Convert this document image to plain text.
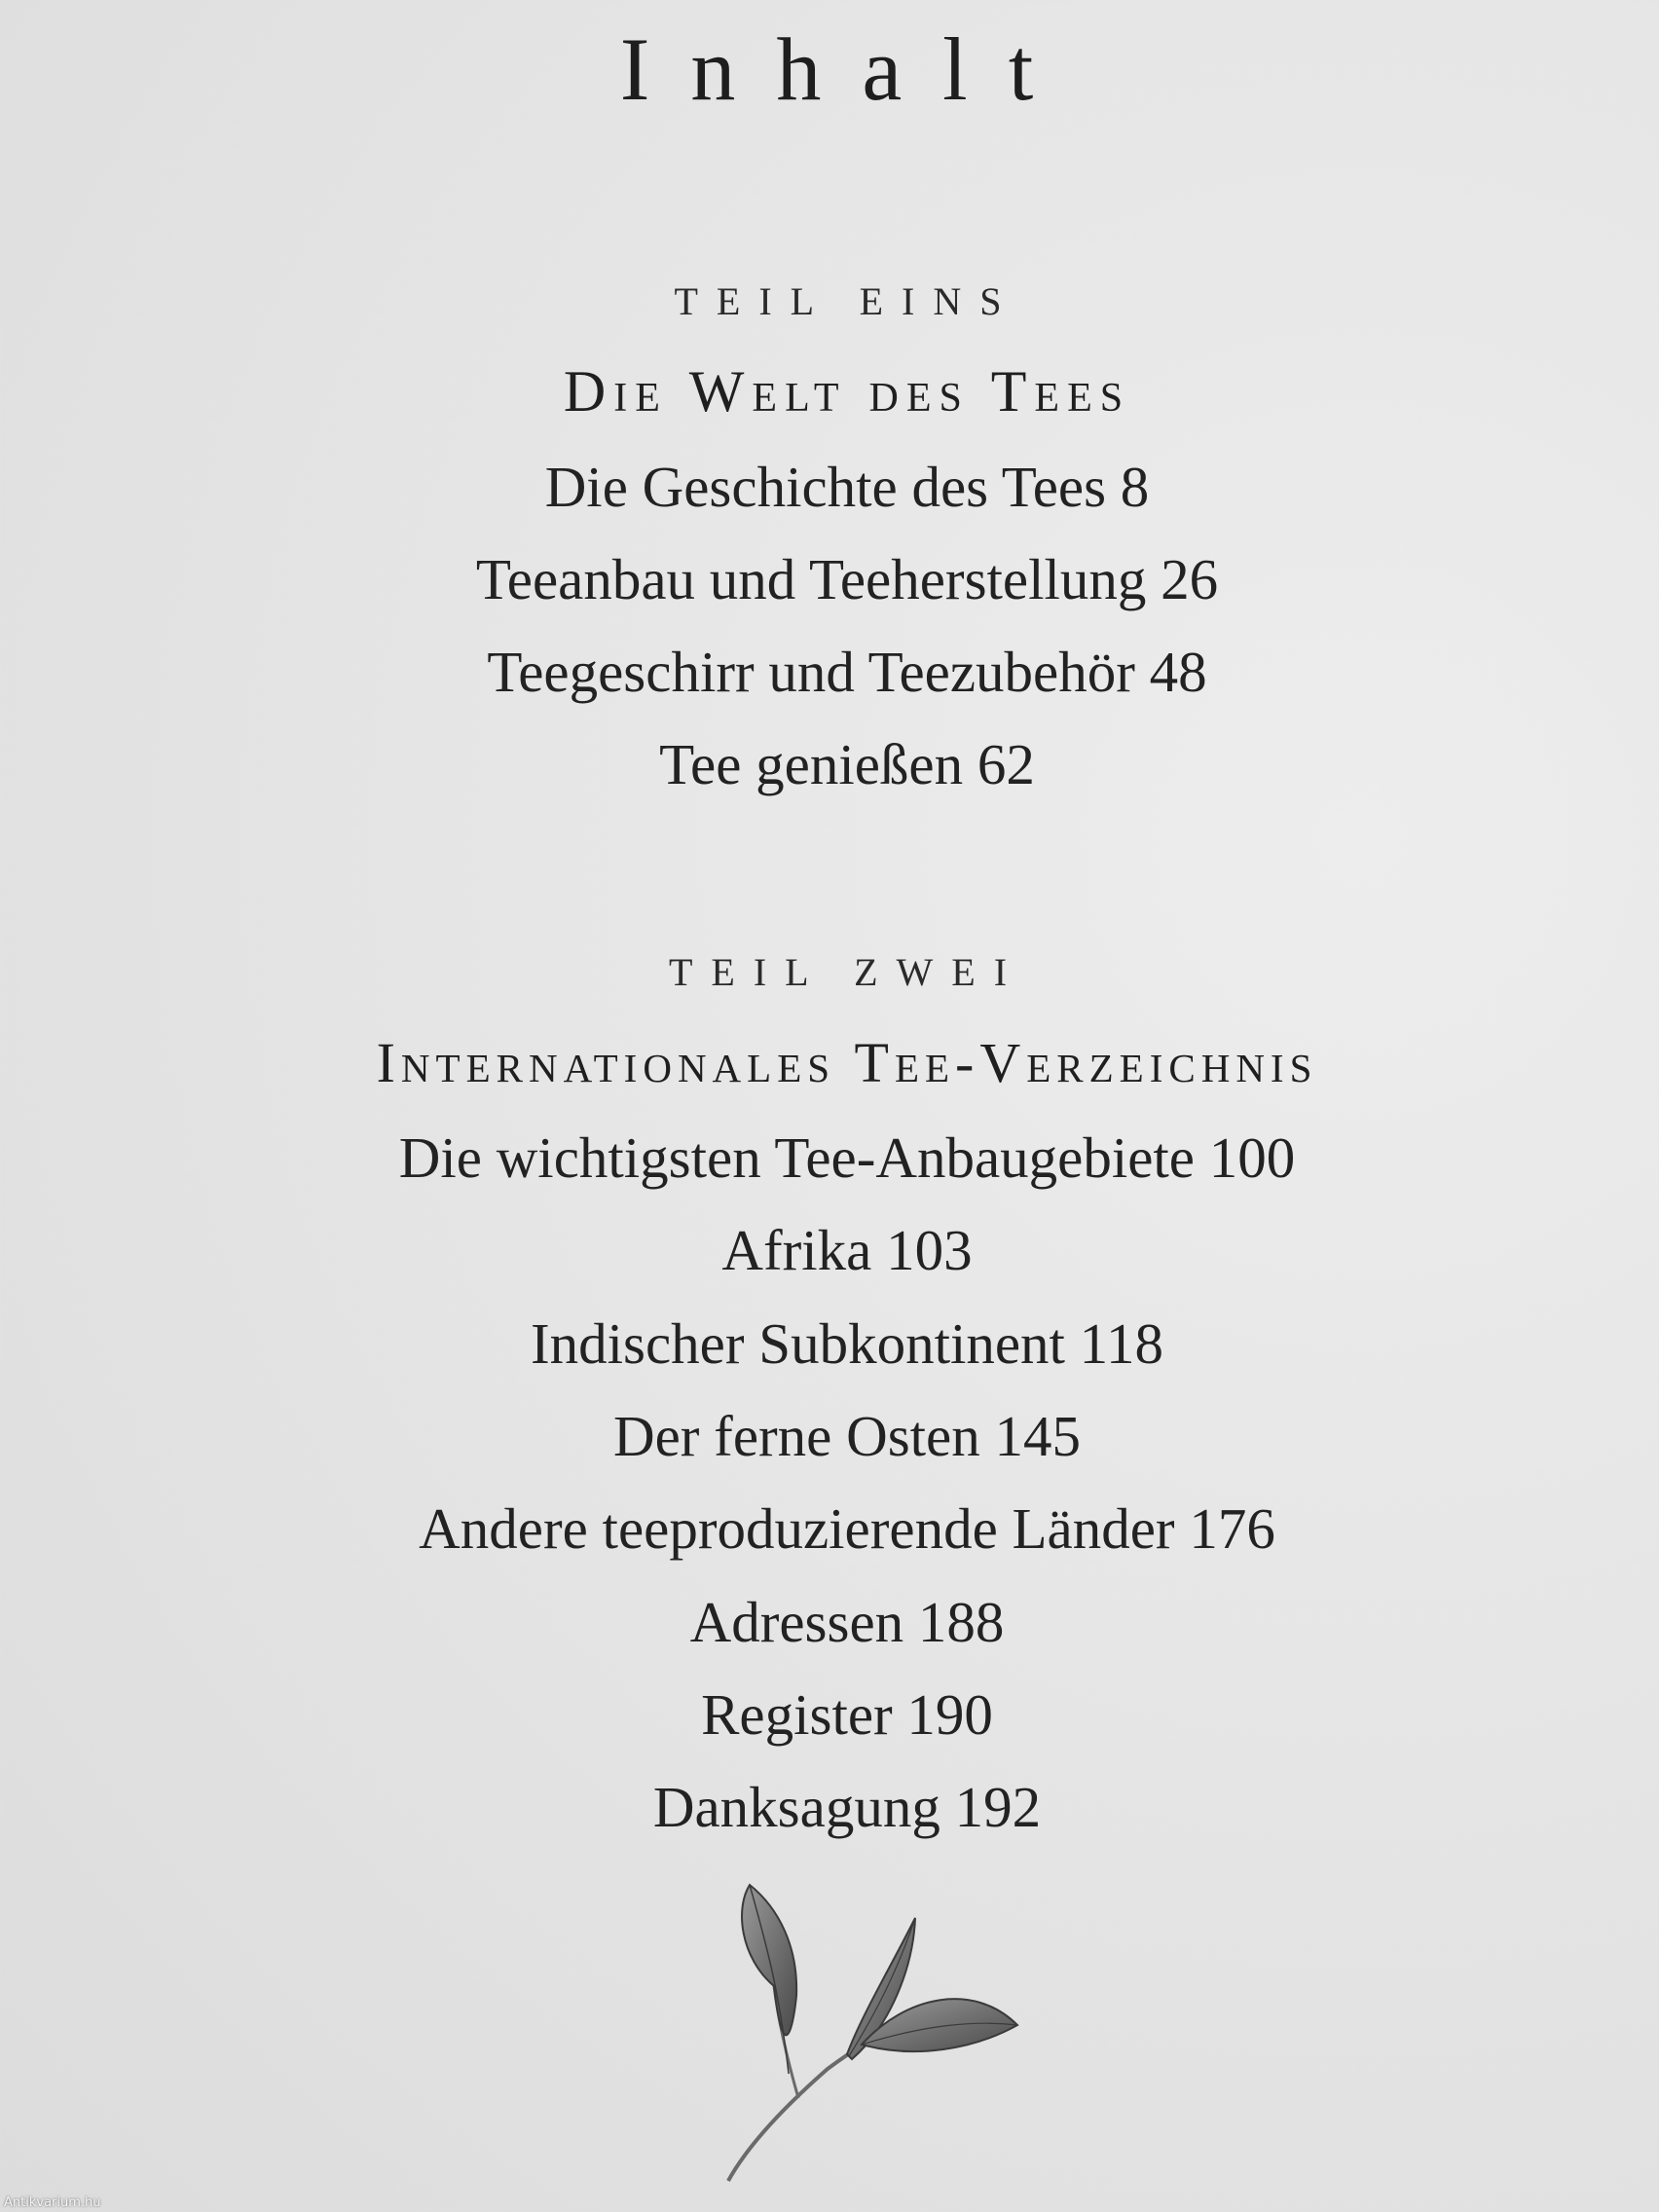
Inhalt
TEIL EINS
Die Welt des Tees
Die Geschichte des Tees 8
Teeanbau und Teeherstellung 26
Teegeschirr und Teezubehör 48
Tee genießen 62
TEIL ZWEI
Internationales Tee-Verzeichnis
Die wichtigsten Tee-Anbaugebiete 100
Afrika 103
Indischer Subkontinent 118
Der ferne Osten 145
Andere teeproduzierende Länder 176
Adressen 188
Register 190
Danksagung 192
Antikvarium.hu
